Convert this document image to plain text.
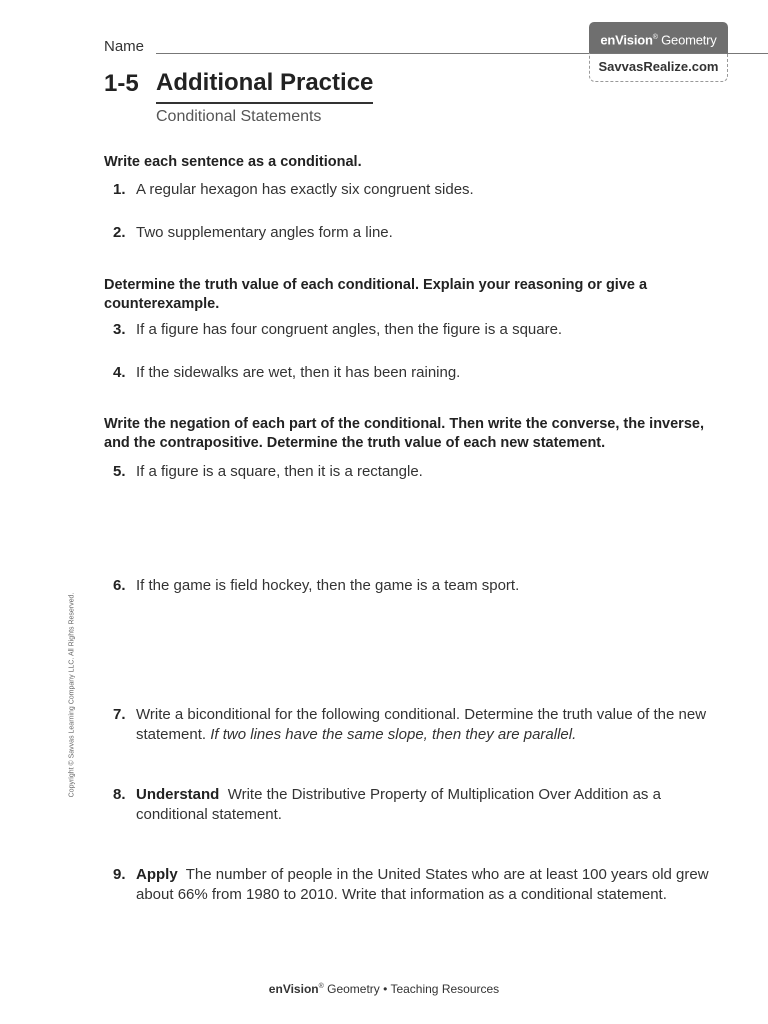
Name	enVision® Geometry
SavvasRealize.com
1-5 Additional Practice
Conditional Statements
Write each sentence as a conditional.
1. A regular hexagon has exactly six congruent sides.
2. Two supplementary angles form a line.
Determine the truth value of each conditional. Explain your reasoning or give a counterexample.
3. If a figure has four congruent angles, then the figure is a square.
4. If the sidewalks are wet, then it has been raining.
Write the negation of each part of the conditional. Then write the converse, the inverse, and the contrapositive. Determine the truth value of each new statement.
5. If a figure is a square, then it is a rectangle.
6. If the game is field hockey, then the game is a team sport.
7. Write a biconditional for the following conditional. Determine the truth value of the new statement. If two lines have the same slope, then they are parallel.
8. Understand Write the Distributive Property of Multiplication Over Addition as a conditional statement.
9. Apply The number of people in the United States who are at least 100 years old grew about 66% from 1980 to 2010. Write that information as a conditional statement.
Copyright © Savvas Learning Company LLC. All Rights Reserved.
enVision® Geometry • Teaching Resources
